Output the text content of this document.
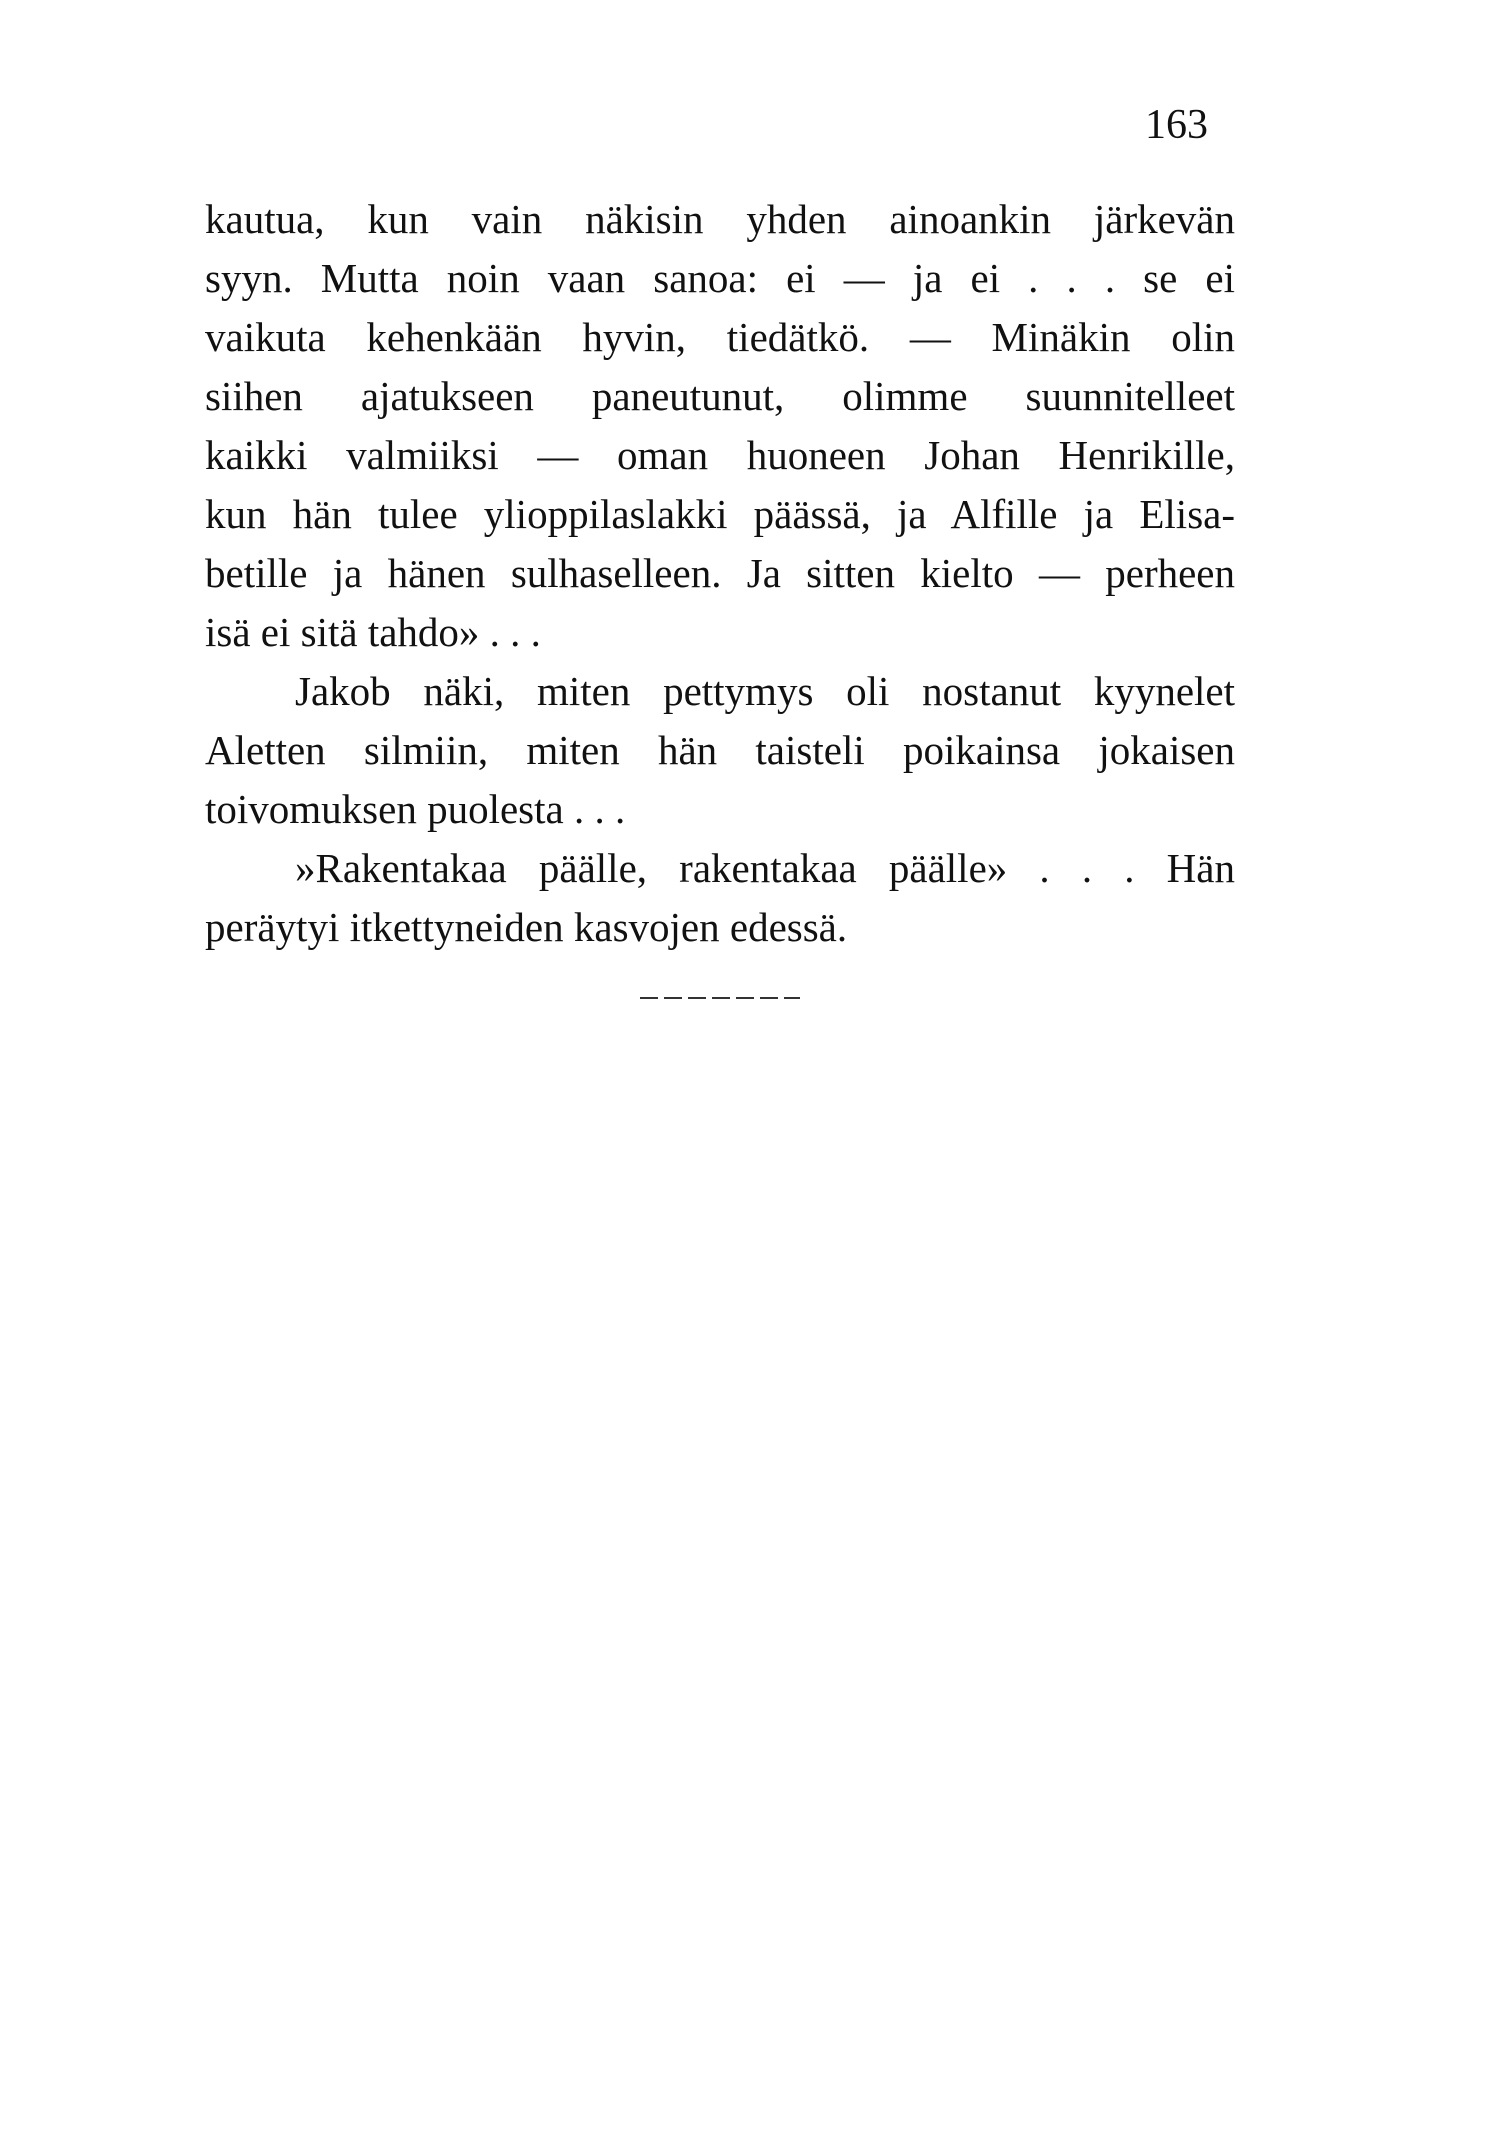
163
kautua, kun vain näkisin yhden ainoankin järkevän
syyn. Mutta noin vaan sanoa: ei — ja ei . . . se ei
vaikuta kehenkään hyvin, tiedätkö. — Minäkin olin
siihen ajatukseen paneutunut, olimme suunnitelleet
kaikki valmiiksi — oman huoneen Johan Henrikille,
kun hän tulee ylioppilaslakki päässä, ja Alfille ja Elisa-
betille ja hänen sulhaselleen. Ja sitten kielto — perheen
isä ei sitä tahdo» . . .
Jakob näki, miten pettymys oli nostanut kyynelet
Aletten silmiin, miten hän taisteli poikainsa jokaisen
toivomuksen puolesta . . .
»Rakentakaa päälle, rakentakaa päälle» . . . Hän
peräytyi itkettyneiden kasvojen edessä.
